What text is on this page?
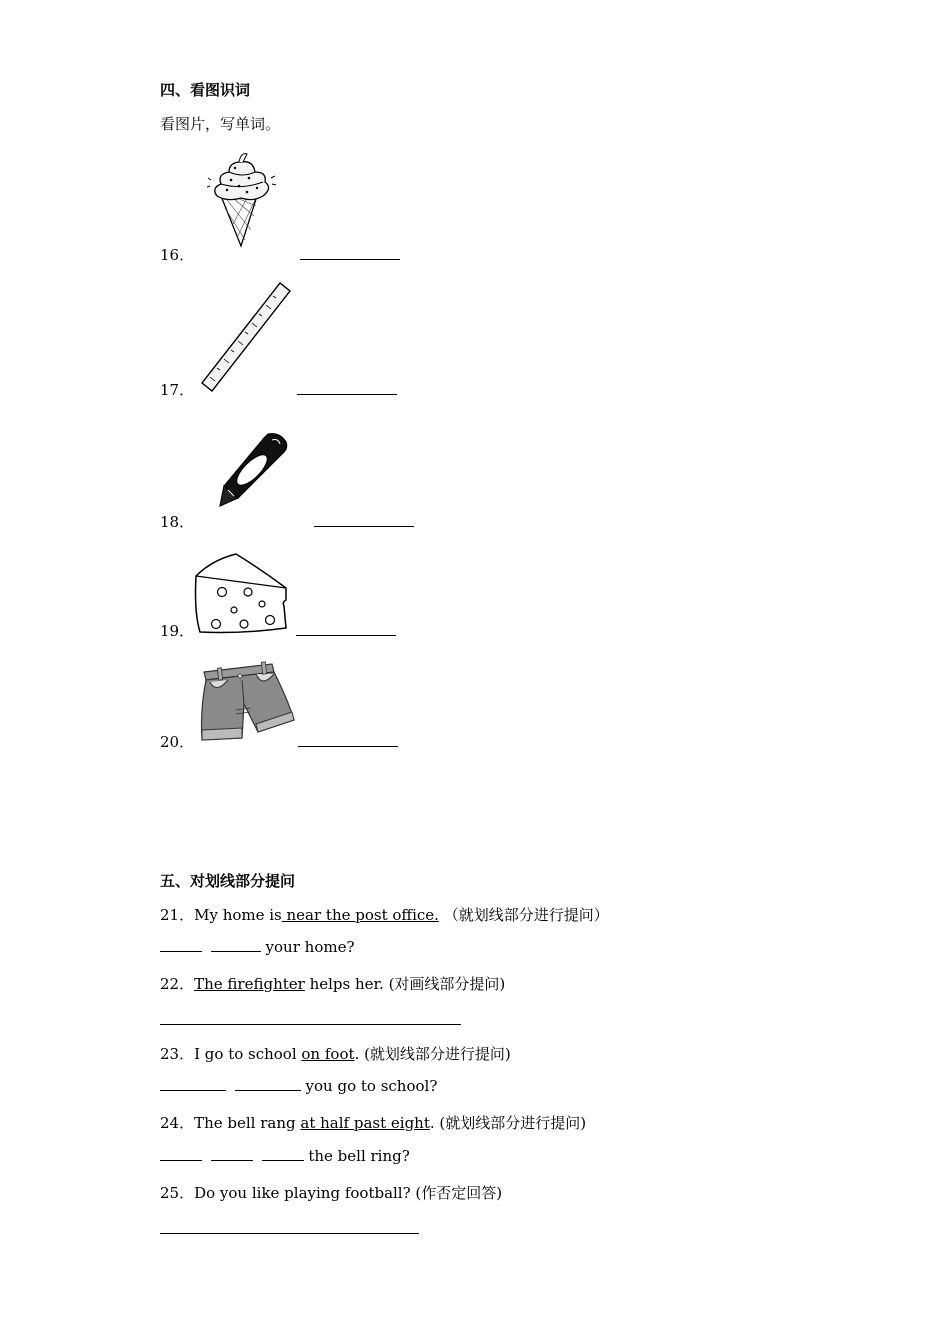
四、看图识词
看图片，写单词。
16．
17．
18．
19．
20．
五、对划线部分提问
21．My home is near the post office. （就划线部分进行提问）
your home?
22．The firefighter helps her. (对画线部分提问)
23．I go to school on foot. (就划线部分进行提问)
you go to school?
24．The bell rang at half past eight. (就划线部分进行提问)
the bell ring?
25．Do you like playing football? (作否定回答)
